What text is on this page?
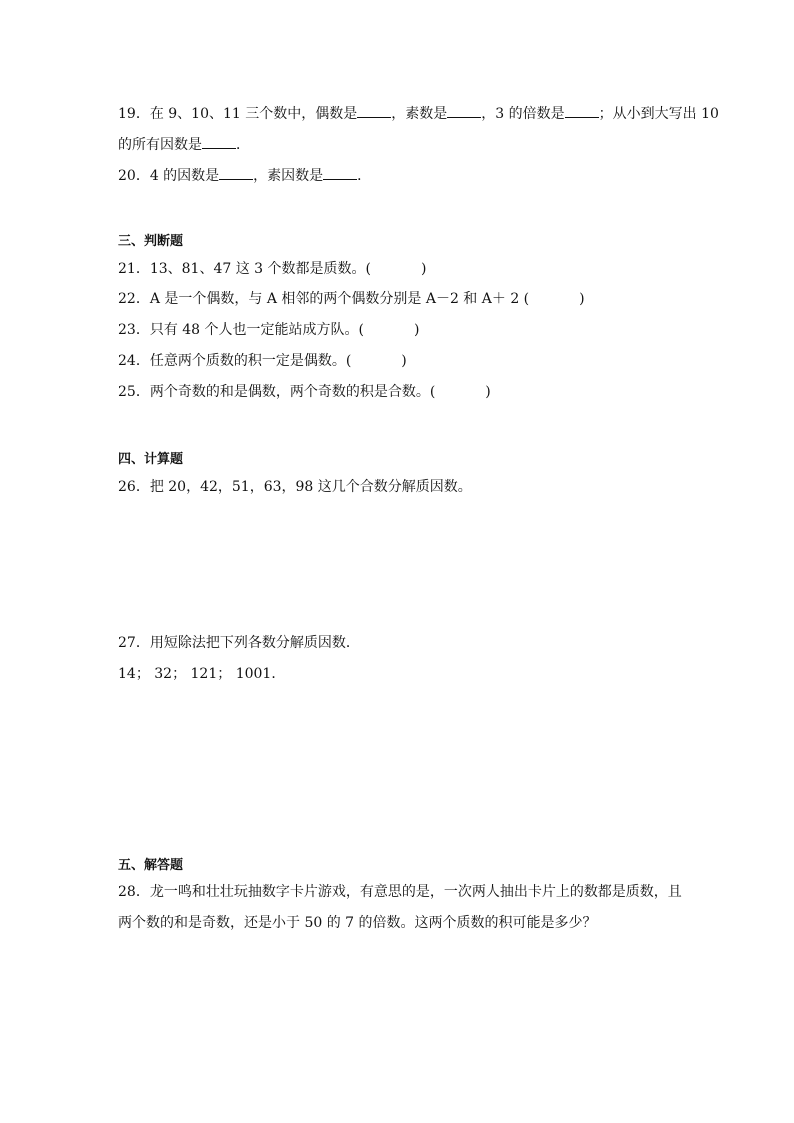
19．在 9、10、11 三个数中，偶数是 ，素数是 ，3 的倍数是 ；从小到大写出 10
的所有因数是 ．
20．4 的因数是 ，素因数是 ．
三、判断题
21．13、81、47 这 3 个数都是质数。(	)
22．A 是一个偶数，与 A 相邻的两个偶数分别是 A－2 和 A＋ 2 (	)
23．只有 48 个人也一定能站成方队。(	)
24．任意两个质数的积一定是偶数。(	)
25．两个奇数的和是偶数，两个奇数的积是合数。(	)
四、计算题
26．把 20，42，51，63，98 这几个合数分解质因数。
27．用短除法把下列各数分解质因数．
14； 32； 121； 1001．
五、解答题
28．龙一鸣和壮壮玩抽数字卡片游戏，有意思的是，一次两人抽出卡片上的数都是质数，且
两个数的和是奇数，还是小于 50 的 7 的倍数。这两个质数的积可能是多少？
